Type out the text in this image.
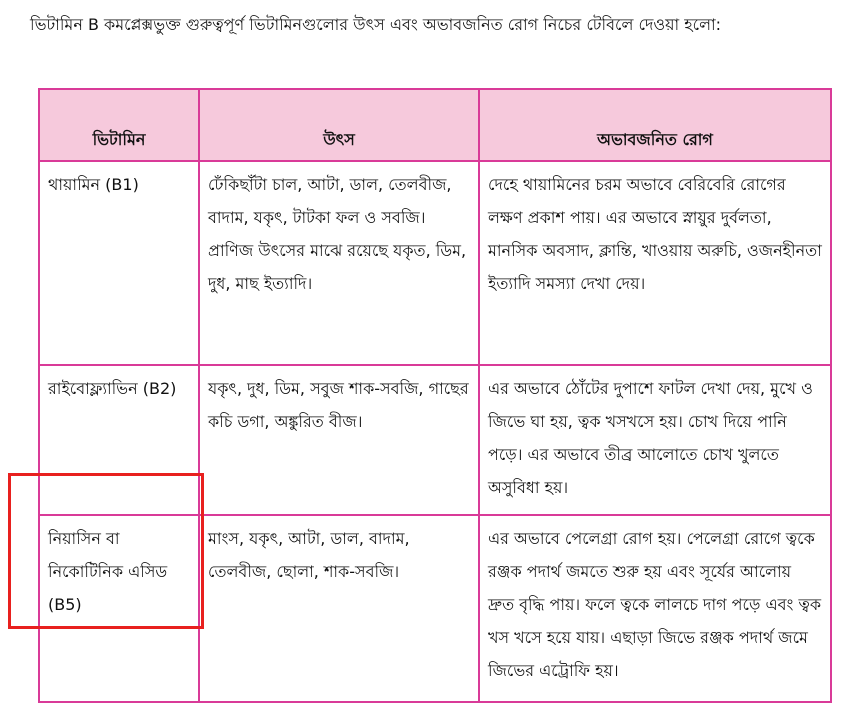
ভিটামিন B কমপ্লেক্সভুক্ত গুরুত্বপূর্ণ ভিটামিনগুলোর উৎস এবং অভাবজনিত রোগ নিচের টেবিলে দেওয়া হলো:

ভিটামিন	উৎস	অভাবজনিত রোগ
থায়ামিন (B1)	ঢেঁকিছাঁটা চাল, আটা, ডাল, তেলবীজ, বাদাম, যকৃৎ, টাটকা ফল ও সবজি। প্রাণিজ উৎসের মাঝে রয়েছে যকৃত, ডিম, দুধ, মাছ ইত্যাদি।	দেহে থায়ামিনের চরম অভাবে বেরিবেরি রোগের লক্ষণ প্রকাশ পায়। এর অভাবে স্নায়ুর দুর্বলতা, মানসিক অবসাদ, ক্লান্তি, খাওয়ায় অরুচি, ওজনহীনতা ইত্যাদি সমস্যা দেখা দেয়।
রাইবোফ্ল্যাভিন (B2)	যকৃৎ, দুধ, ডিম, সবুজ শাক-সবজি, গাছের কচি ডগা, অঙ্কুরিত বীজ।	এর অভাবে ঠোঁটের দুপাশে ফাটল দেখা দেয়, মুখে ও জিভে ঘা হয়, ত্বক খসখসে হয়। চোখ দিয়ে পানি পড়ে। এর অভাবে তীব্র আলোতে চোখ খুলতে অসুবিধা হয়।
নিয়াসিন বা নিকোটিনিক এসিড (B5)	মাংস, যকৃৎ, আটা, ডাল, বাদাম, তেলবীজ, ছোলা, শাক-সবজি।	এর অভাবে পেলেগ্রা রোগ হয়। পেলেগ্রা রোগে ত্বকে রঞ্জক পদার্থ জমতে শুরু হয় এবং সূর্যের আলোয় দ্রুত বৃদ্ধি পায়। ফলে ত্বকে লালচে দাগ পড়ে এবং ত্বক খস খসে হয়ে যায়। এছাড়া জিভে রঞ্জক পদার্থ জমে জিভের এট্রোফি হয়।
